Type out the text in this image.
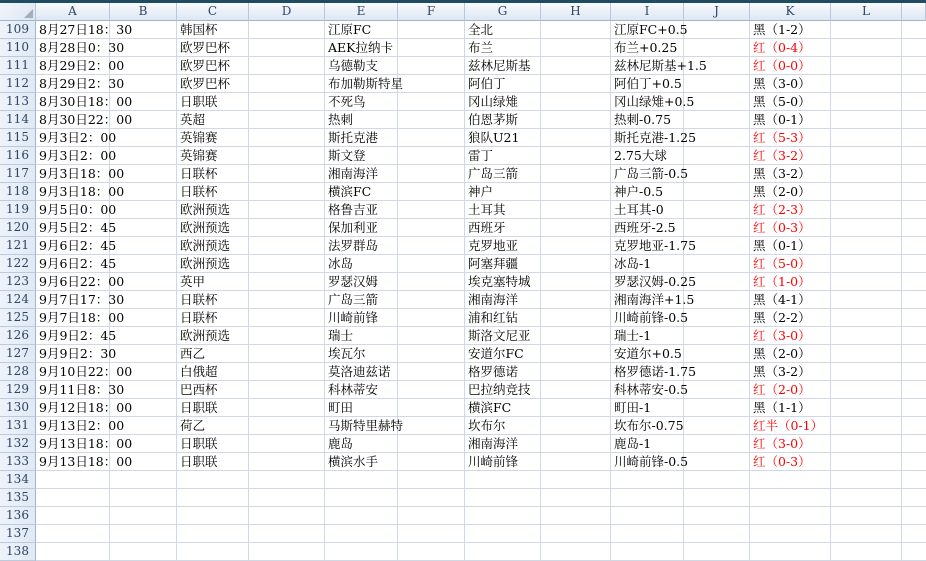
A	B	C	D	E	F	G	H	I	J	K	L
109 8月27日18：30	韩国杯	江原FC	全北	江原FC+0.5	黑（1-2）
110 8月28日0：30	欧罗巴杯	AEK拉纳卡	布兰	布兰+0.25	红（0-4）
111 8月29日2：00	欧罗巴杯	乌德勒支	兹林尼斯基	兹林尼斯基+1.5	红（0-0）
112 8月29日2：30	欧罗巴杯	布加勒斯特星	阿伯丁	阿伯丁+0.5	黑（3-0）
113 8月30日18：00	日职联	不死鸟	冈山绿雉	冈山绿雉+0.5	黑（5-0）
114 8月30日22：00	英超	热刺	伯恩茅斯	热刺-0.75	黑（0-1）
115 9月3日2：00	英锦赛	斯托克港	狼队U21	斯托克港-1.25	红（5-3）
116 9月3日2：00	英锦赛	斯文登	雷丁	2.75大球	红（3-2）
117 9月3日18：00	日联杯	湘南海洋	广岛三箭	广岛三箭-0.5	黑（3-2）
118 9月3日18：00	日联杯	横滨FC	神户	神户-0.5	黑（2-0）
119 9月5日0：00	欧洲预选	格鲁吉亚	土耳其	土耳其-0	红（2-3）
120 9月5日2：45	欧洲预选	保加利亚	西班牙	西班牙-2.5	红（0-3）
121 9月6日2：45	欧洲预选	法罗群岛	克罗地亚	克罗地亚-1.75	黑（0-1）
122 9月6日2：45	欧洲预选	冰岛	阿塞拜疆	冰岛-1	红（5-0）
123 9月6日22：00	英甲	罗瑟汉姆	埃克塞特城	罗瑟汉姆-0.25	红（1-0）
124 9月7日17：30	日联杯	广岛三箭	湘南海洋	湘南海洋+1.5	黑（4-1）
125 9月7日18：00	日联杯	川崎前锋	浦和红钻	川崎前锋-0.5	黑（2-2）
126 9月9日2：45	欧洲预选	瑞士	斯洛文尼亚	瑞士-1	红（3-0）
127 9月9日2：30	西乙	埃瓦尔	安道尔FC	安道尔+0.5	黑（2-0）
128 9月10日22：00	白俄超	莫洛迪兹诺	格罗德诺	格罗德诺-1.75	黑（3-2）
129 9月11日8：30	巴西杯	科林蒂安	巴拉纳竞技	科林蒂安-0.5	红（2-0）
130 9月12日18：00	日职联	町田	横滨FC	町田-1	黑（1-1）
131 9月13日2：00	荷乙	马斯特里赫特	坎布尔	坎布尔-0.75	红半（0-1）
132 9月13日18：00	日职联	鹿岛	湘南海洋	鹿岛-1	红（3-0）
133 9月13日18：00	日职联	横滨水手	川崎前锋	川崎前锋-0.5	红（0-3）
134
135
136
137
138
